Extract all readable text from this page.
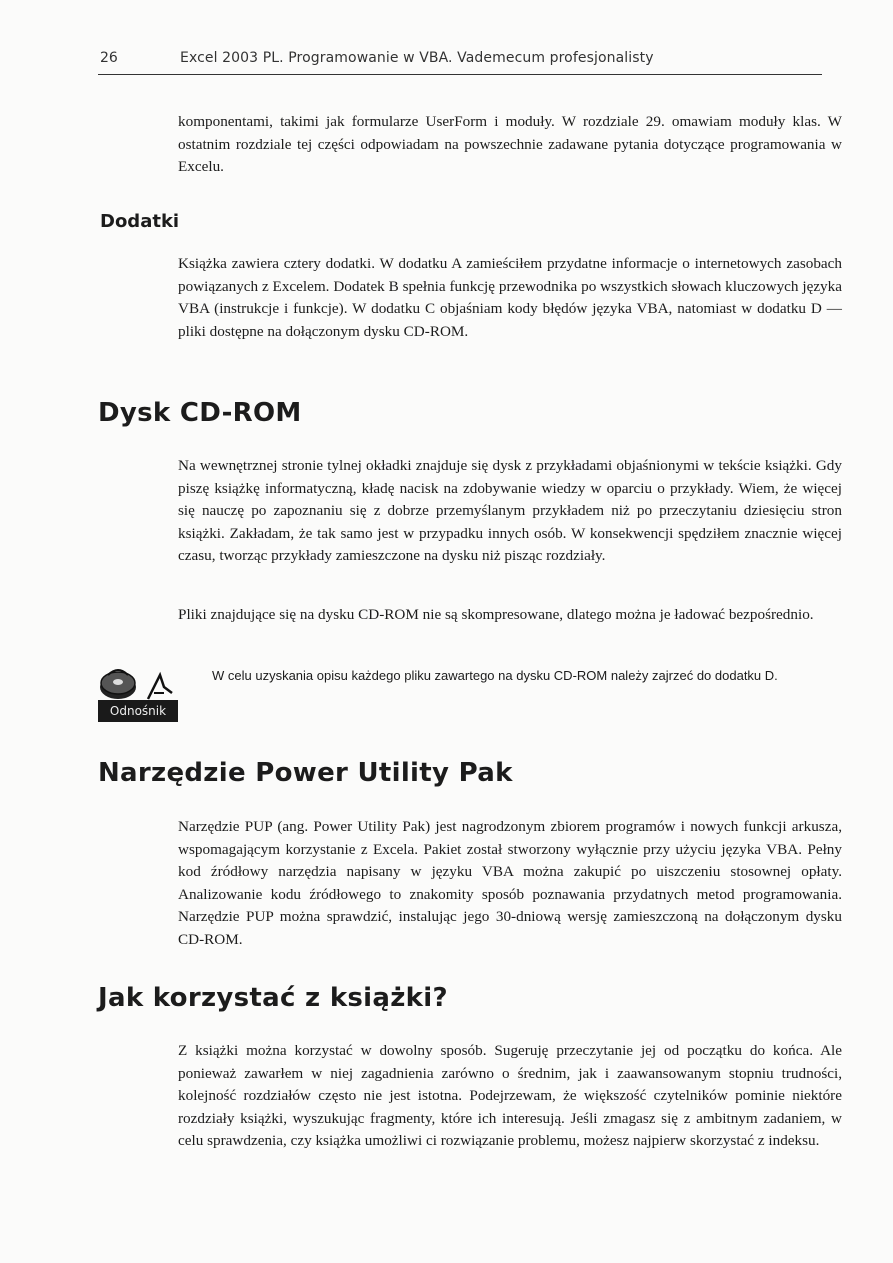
26	Excel 2003 PL. Programowanie w VBA. Vademecum profesjonalisty

komponentami, takimi jak formularze UserForm i moduły. W rozdziale 29. omawiam moduły klas. W ostatnim rozdziale tej części odpowiadam na powszechnie zadawane pytania dotyczące programowania w Excelu.

Dodatki

Książka zawiera cztery dodatki. W dodatku A zamieściłem przydatne informacje o internetowych zasobach powiązanych z Excelem. Dodatek B spełnia funkcję przewodnika po wszystkich słowach kluczowych języka VBA (instrukcje i funkcje). W dodatku C objaśniam kody błędów języka VBA, natomiast w dodatku D — pliki dostępne na dołączonym dysku CD-ROM.

Dysk CD-ROM

Na wewnętrznej stronie tylnej okładki znajduje się dysk z przykładami objaśnionymi w tekście książki. Gdy piszę książkę informatyczną, kładę nacisk na zdobywanie wiedzy w oparciu o przykłady. Wiem, że więcej się nauczę po zapoznaniu się z dobrze przemyślanym przykładem niż po przeczytaniu dziesięciu stron książki. Zakładam, że tak samo jest w przypadku innych osób. W konsekwencji spędziłem znacznie więcej czasu, tworząc przykłady zamieszczone na dysku niż pisząc rozdziały.

Pliki znajdujące się na dysku CD-ROM nie są skompresowane, dlatego można je ładować bezpośrednio.

Odnośnik

W celu uzyskania opisu każdego pliku zawartego na dysku CD-ROM należy zajrzeć do dodatku D.

Narzędzie Power Utility Pak

Narzędzie PUP (ang. Power Utility Pak) jest nagrodzonym zbiorem programów i nowych funkcji arkusza, wspomagającym korzystanie z Excela. Pakiet został stworzony wyłącznie przy użyciu języka VBA. Pełny kod źródłowy narzędzia napisany w języku VBA można zakupić po uiszczeniu stosownej opłaty. Analizowanie kodu źródłowego to znakomity sposób poznawania przydatnych metod programowania. Narzędzie PUP można sprawdzić, instalując jego 30-dniową wersję zamieszczoną na dołączonym dysku CD-ROM.

Jak korzystać z książki?

Z książki można korzystać w dowolny sposób. Sugeruję przeczytanie jej od początku do końca. Ale ponieważ zawarłem w niej zagadnienia zarówno o średnim, jak i zaawansowanym stopniu trudności, kolejność rozdziałów często nie jest istotna. Podejrzewam, że większość czytelników pominie niektóre rozdziały książki, wyszukując fragmenty, które ich interesują. Jeśli zmagasz się z ambitnym zadaniem, w celu sprawdzenia, czy książka umożliwi ci rozwiązanie problemu, możesz najpierw skorzystać z indeksu.
